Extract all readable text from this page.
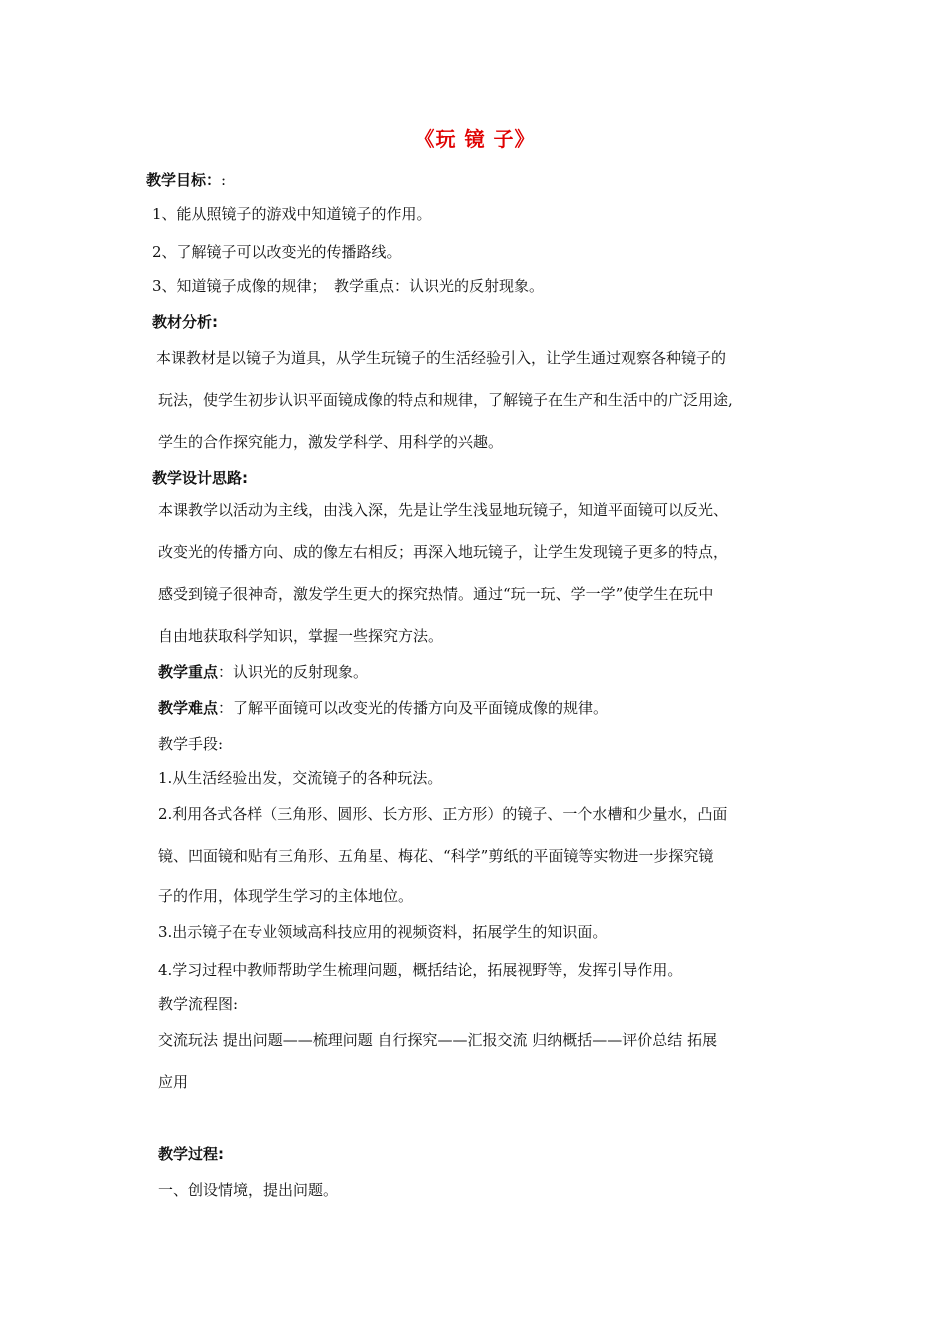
《玩 镜 子》
教学目标：:
1、能从照镜子的游戏中知道镜子的作用。
2、了解镜子可以改变光的传播路线。
3、知道镜子成像的规律；　教学重点：认识光的反射现象。
教材分析:
本课教材是以镜子为道具，从学生玩镜子的生活经验引入，让学生通过观察各种镜子的
玩法，使学生初步认识平面镜成像的特点和规律，了解镜子在生产和生活中的广泛用途,
学生的合作探究能力，激发学科学、用科学的兴趣。
教学设计思路:
本课教学以活动为主线，由浅入深，先是让学生浅显地玩镜子，知道平面镜可以反光、
改变光的传播方向、成的像左右相反；再深入地玩镜子，让学生发现镜子更多的特点，
感受到镜子很神奇，激发学生更大的探究热情。通过“玩一玩、学一学”使学生在玩中
自由地获取科学知识，掌握一些探究方法。
教学重点：认识光的反射现象。
教学难点：了解平面镜可以改变光的传播方向及平面镜成像的规律。
教学手段:
1.从生活经验出发，交流镜子的各种玩法。
2.利用各式各样（三角形、圆形、长方形、正方形）的镜子、一个水槽和少量水，凸面
镜、凹面镜和贴有三角形、五角星、梅花、“科学”剪纸的平面镜等实物进一步探究镜
子的作用，体现学生学习的主体地位。
3.出示镜子在专业领域高科技应用的视频资料，拓展学生的知识面。
4.学习过程中教师帮助学生梳理问题，概括结论，拓展视野等，发挥引导作用。
教学流程图:
交流玩法 提出问题——梳理问题 自行探究——汇报交流 归纳概括——评价总结 拓展
应用
教学过程:
一、创设情境，提出问题。
